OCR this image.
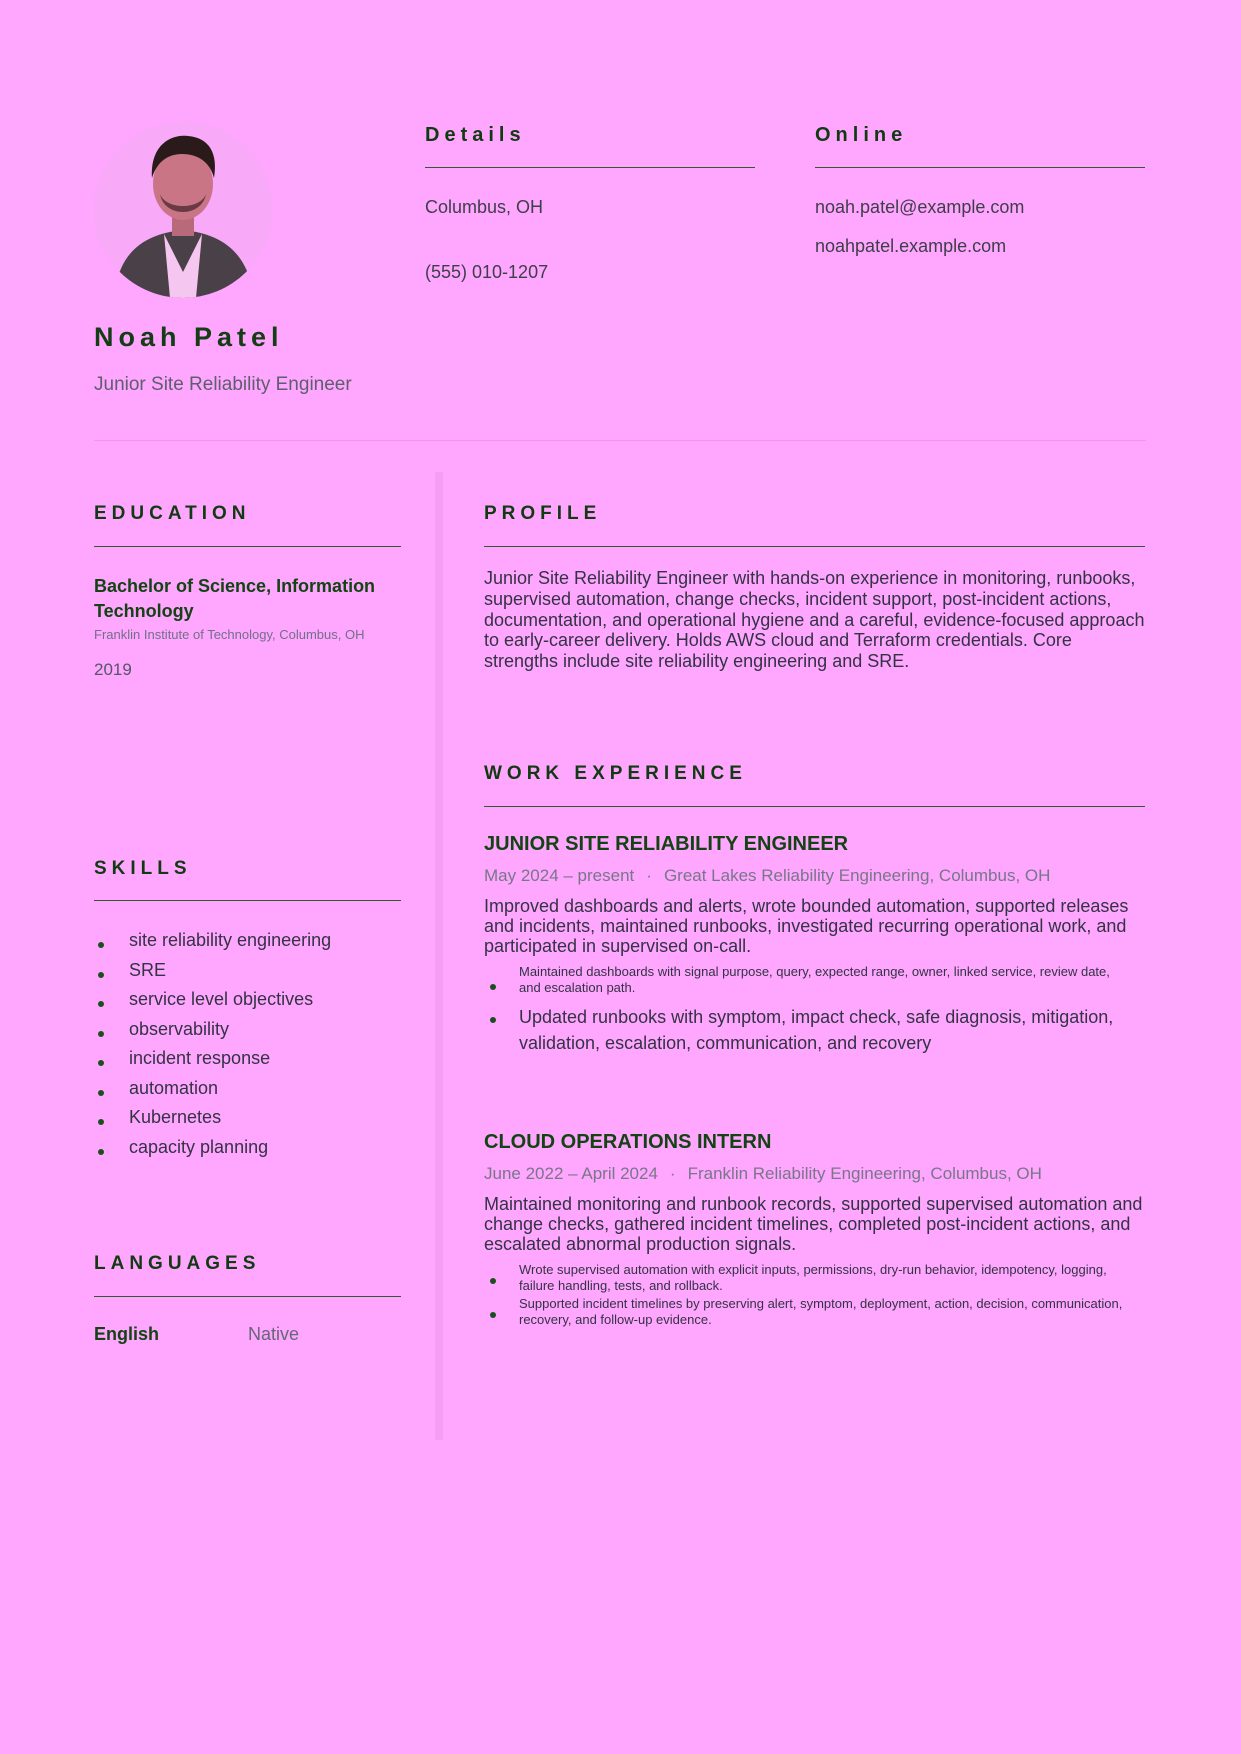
Noah Patel
Junior Site Reliability Engineer
Details
Columbus, OH
(555) 010-1207
Online
noah.patel@example.com
noahpatel.example.com
EDUCATION
Bachelor of Science, Information Technology
Franklin Institute of Technology, Columbus, OH
2019
SKILLS
site reliability engineering
SRE
service level objectives
observability
incident response
automation
Kubernetes
capacity planning
LANGUAGES
English	Native
PROFILE
Junior Site Reliability Engineer with hands-on experience in monitoring, runbooks, supervised automation, change checks, incident support, post-incident actions, documentation, and operational hygiene and a careful, evidence-focused approach to early-career delivery. Holds AWS cloud and Terraform credentials. Core strengths include site reliability engineering and SRE.
WORK EXPERIENCE
JUNIOR SITE RELIABILITY ENGINEER
May 2024 – present · Great Lakes Reliability Engineering, Columbus, OH
Improved dashboards and alerts, wrote bounded automation, supported releases and incidents, maintained runbooks, investigated recurring operational work, and participated in supervised on-call.
Maintained dashboards with signal purpose, query, expected range, owner, linked service, review date, and escalation path.
Updated runbooks with symptom, impact check, safe diagnosis, mitigation, validation, escalation, communication, and recovery
CLOUD OPERATIONS INTERN
June 2022 – April 2024 · Franklin Reliability Engineering, Columbus, OH
Maintained monitoring and runbook records, supported supervised automation and change checks, gathered incident timelines, completed post-incident actions, and escalated abnormal production signals.
Wrote supervised automation with explicit inputs, permissions, dry-run behavior, idempotency, logging, failure handling, tests, and rollback.
Supported incident timelines by preserving alert, symptom, deployment, action, decision, communication, recovery, and follow-up evidence.
